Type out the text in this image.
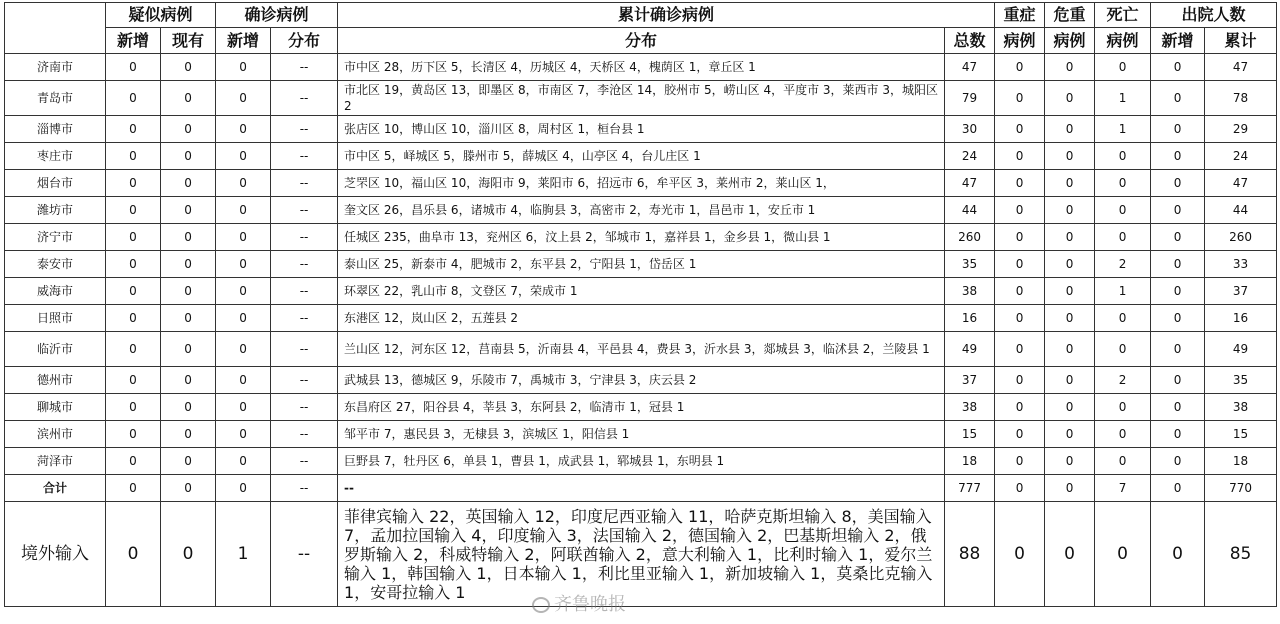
	疑似病例		确诊病例		累计确诊病例		重症	危重	死亡	出院人数	
	新增	现有	新增	分布	分布	总数	病例	病例	病例	新增	累计
济南市	0	0	0	--	市中区 28，历下区 5，长清区 4，历城区 4，天桥区 4，槐荫区 1，章丘区 1	47	0	0	0	0	47
青岛市	0	0	0	--	市北区 19，黄岛区 13，即墨区 8，市南区 7，李沧区 14，胶州市 5，崂山区 4，平度市 3，莱西市 3，城阳区 2	79	0	0	1	0	78
淄博市	0	0	0	--	张店区 10，博山区 10，淄川区 8，周村区 1，桓台县 1	30	0	0	1	0	29
枣庄市	0	0	0	--	市中区 5，峄城区 5，滕州市 5，薛城区 4，山亭区 4，台儿庄区 1	24	0	0	0	0	24
烟台市	0	0	0	--	芝罘区 10，福山区 10，海阳市 9，莱阳市 6，招远市 6，牟平区 3，莱州市 2，莱山区 1，	47	0	0	0	0	47
潍坊市	0	0	0	--	奎文区 26，昌乐县 6，诸城市 4，临朐县 3，高密市 2，寿光市 1，昌邑市 1，安丘市 1	44	0	0	0	0	44
济宁市	0	0	0	--	任城区 235，曲阜市 13，兖州区 6，汶上县 2，邹城市 1，嘉祥县 1，金乡县 1，微山县 1	260	0	0	0	0	260
泰安市	0	0	0	--	泰山区 25，新泰市 4，肥城市 2，东平县 2，宁阳县 1，岱岳区 1	35	0	0	2	0	33
威海市	0	0	0	--	环翠区 22，乳山市 8，文登区 7，荣成市 1	38	0	0	1	0	37
日照市	0	0	0	--	东港区 12，岚山区 2，五莲县 2	16	0	0	0	0	16
临沂市	0	0	0	--	兰山区 12，河东区 12，莒南县 5，沂南县 4，平邑县 4，费县 3，沂水县 3，郯城县 3，临沭县 2，兰陵县 1	49	0	0	0	0	49
德州市	0	0	0	--	武城县 13，德城区 9，乐陵市 7，禹城市 3，宁津县 3，庆云县 2	37	0	0	2	0	35
聊城市	0	0	0	--	东昌府区 27，阳谷县 4，莘县 3，东阿县 2，临清市 1，冠县 1	38	0	0	0	0	38
滨州市	0	0	0	--	邹平市 7，惠民县 3，无棣县 3，滨城区 1，阳信县 1	15	0	0	0	0	15
菏泽市	0	0	0	--	巨野县 7，牡丹区 6，单县 1，曹县 1，成武县 1，郓城县 1，东明县 1	18	0	0	0	0	18
合计	0	0	0	--	--	777	0	0	7	0	770
境外输入	0	0	1	--	菲律宾输入 22，英国输入 12，印度尼西亚输入 11，哈萨克斯坦输入 8，美国输入 7，孟加拉国输入 4，印度输入 3，法国输入 2，德国输入 2，巴基斯坦输入 2，俄罗斯输入 2，科威特输入 2，阿联酋输入 2，意大利输入 1，比利时输入 1，爱尔兰输入 1，韩国输入 1，日本输入 1，利比里亚输入 1，新加坡输入 1，莫桑比克输入 1，安哥拉输入 1	88	0	0	0	0	85
齐鲁晚报
